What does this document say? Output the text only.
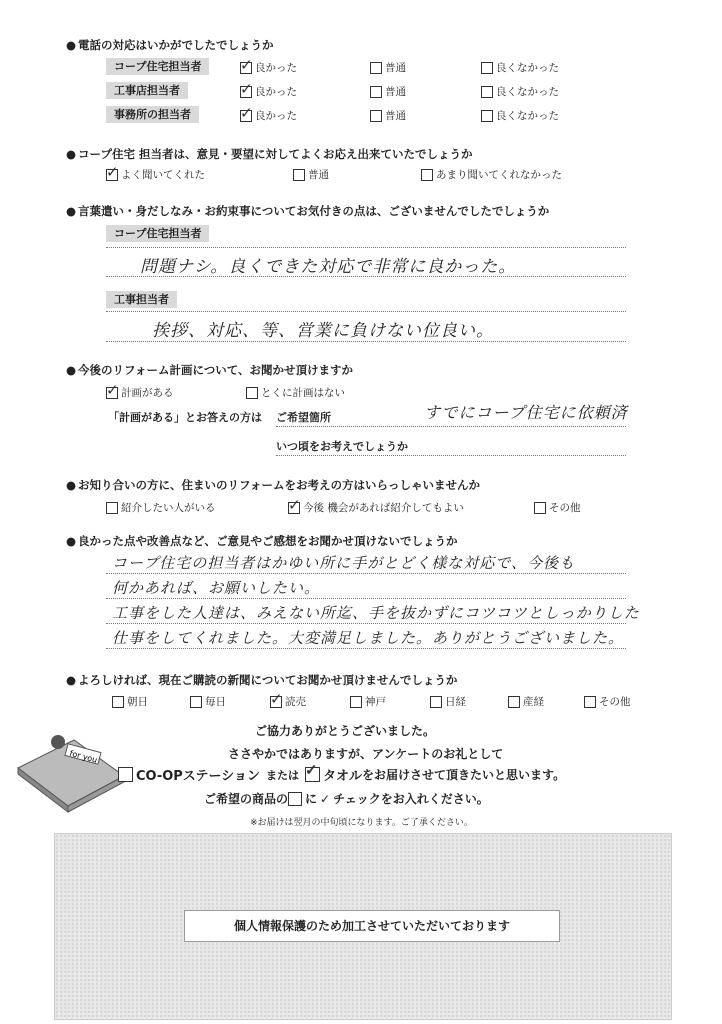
● 電話の対応はいかがでしたでしょうか
コープ住宅担当者 ✓	良かった	普通	良くなかった
工事店担当者 ✓	良かった	普通	良くなかった
事務所の担当者 ✓	良かった	普通	良くなかった
● コープ住宅 担当者は、意見・要望に対してよくお応え出来ていたでしょうか
✓
よく聞いてくれた	普通	あまり聞いてくれなかった
● 言葉遣い・身だしなみ・お約束事についてお気付きの点は、ございませんでしたでしょうか
コープ住宅担当者
問題ナシ。良くできた対応で非常に良かった。
工事担当者
挨拶、対応、等、営業に負けない位良い。
● 今後のリフォーム計画について、お聞かせ頂けますか
✓
計画がある	とくに計画はない
「計画がある」とお答えの方は ご希望箇所	すでにコープ住宅に依頼済
いつ頃をお考えでしょうか
● お知り合いの方に、住まいのリフォームをお考えの方はいらっしゃいませんか
紹介したい人がいる ✓	今後 機会があれば紹介してもよい	その他
● 良かった点や改善点など、ご意見やご感想をお聞かせ頂けないでしょうか
コープ住宅の担当者はかゆい所に手がとどく様な対応で、今後も
何かあれば、お願いしたい。
工事をした人達は、みえない所迄、手を抜かずにコツコツとしっかりした
仕事をしてくれました。大変満足しました。ありがとうございました。
● よろしければ、現在ご購読の新聞についてお聞かせ頂けませんでしょうか
朝日	毎日 ✓	読売	神戸	日経	産経	その他
for you
ご協力ありがとうございました。
ささやかではありますが、アンケートのお礼として
CO-OPステーション または ✓ タオル をお届けさせて頂きたいと思います。
ご希望の商品の に ✓ チェックをお入れください。
※お届けは翌月の中旬頃になります。ご了承ください。
個人情報保護のため加工させていただいております
